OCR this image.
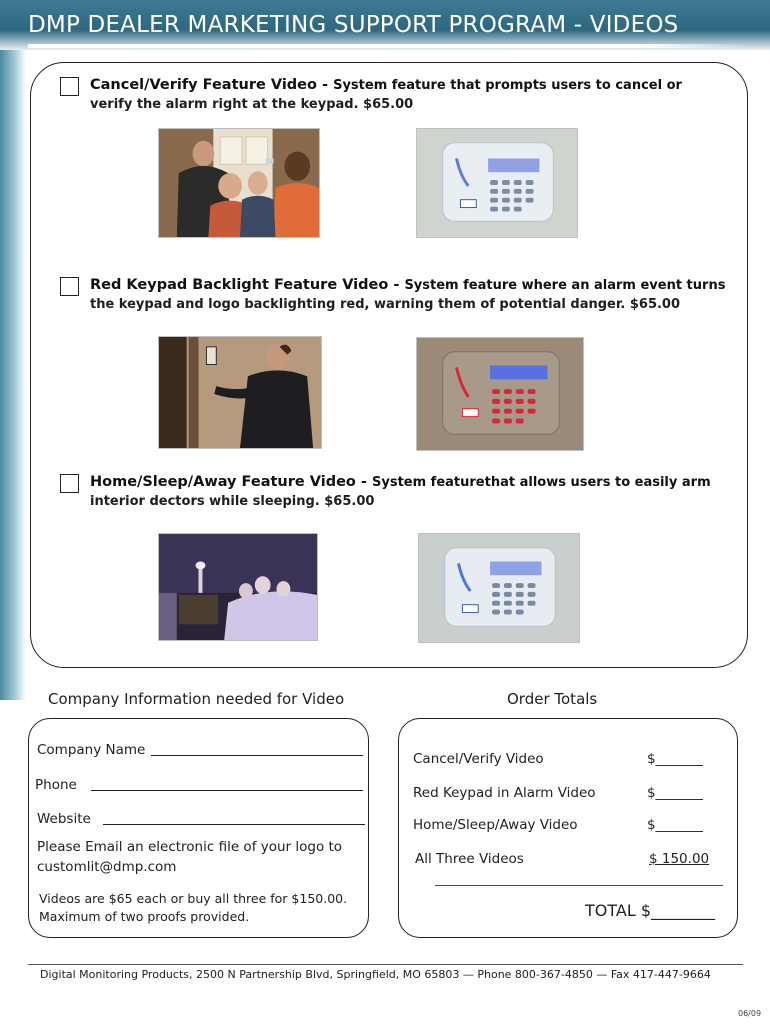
DMP DEALER MARKETING SUPPORT PROGRAM - VIDEOS
Cancel/Verify Feature Video - System feature that prompts users to cancel or
verify the alarm right at the keypad. $65.00
Red Keypad Backlight Feature Video - System feature where an alarm event turns
the keypad and logo backlighting red, warning them of potential danger. $65.00
Home/Sleep/Away Feature Video - System featurethat allows users to easily arm
interior dectors while sleeping. $65.00
Company Information needed for Video	Order Totals
Company Name
Phone
Website
Please Email an electronic file of your logo to customlit@dmp.com
Videos are $65 each or buy all three for $150.00. Maximum of two proofs provided.
Cancel/Verify Video	$_______
Red Keypad in Alarm Video	$_______
Home/Sleep/Away Video	$_______
All Three Videos	$ 150.00
TOTAL $________
Digital Monitoring Products, 2500 N Partnership Blvd, Springfield, MO 65803 — Phone 800-367-4850 — Fax 417-447-9664
06/09
